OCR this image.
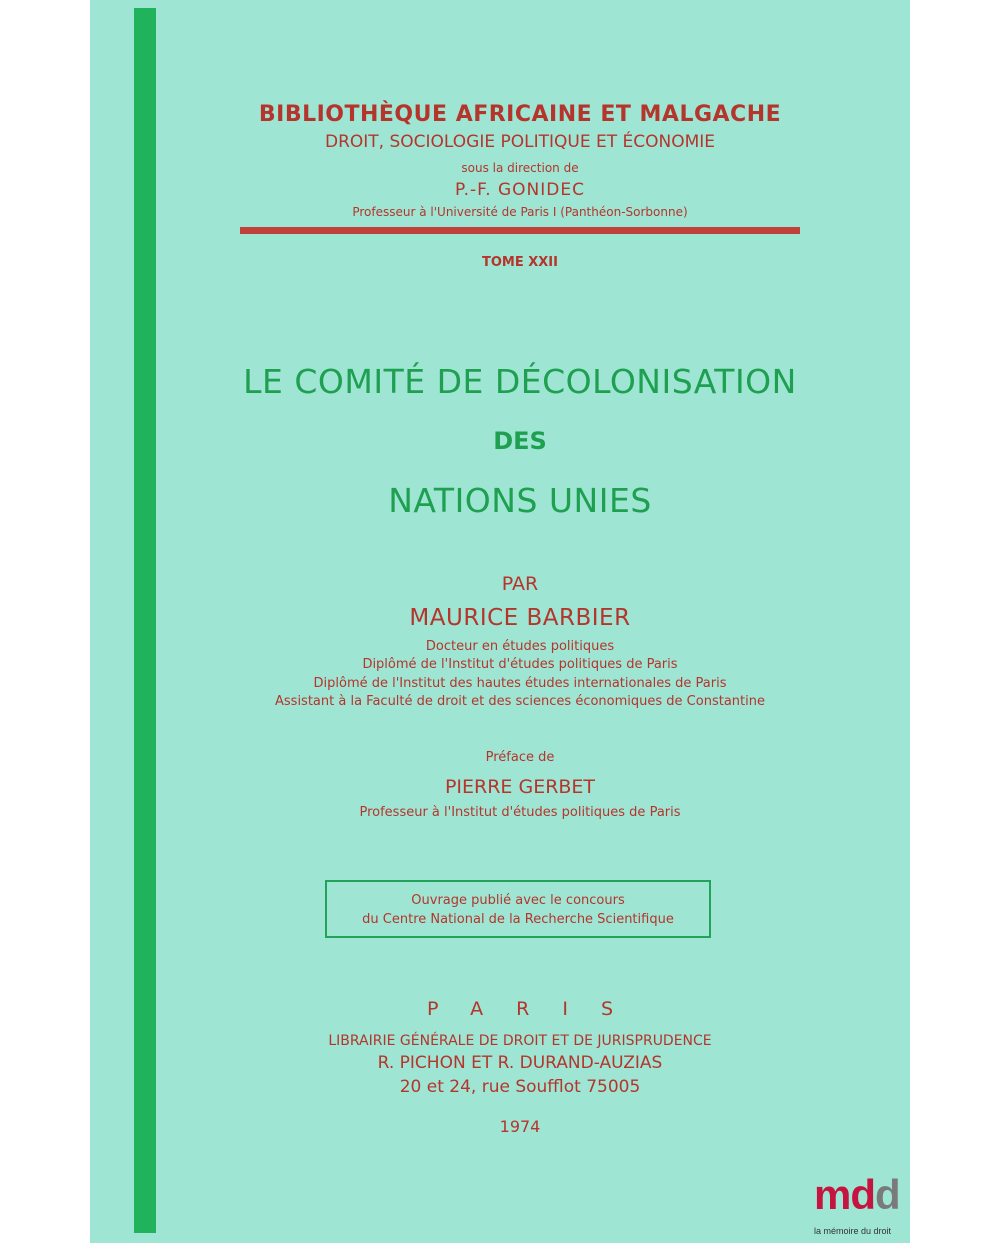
BIBLIOTHÈQUE AFRICAINE ET MALGACHE
DROIT, SOCIOLOGIE POLITIQUE ET ÉCONOMIE
sous la direction de
P.-F. GONIDEC
Professeur à l'Université de Paris I (Panthéon-Sorbonne)
TOME XXII
LE COMITÉ DE DÉCOLONISATION
DES
NATIONS UNIES
PAR
MAURICE BARBIER
Docteur en études politiques
Diplômé de l'Institut d'études politiques de Paris
Diplômé de l'Institut des hautes études internationales de Paris
Assistant à la Faculté de droit et des sciences économiques de Constantine
Préface de
PIERRE GERBET
Professeur à l'Institut d'études politiques de Paris
Ouvrage publié avec le concours
du Centre National de la Recherche Scientifique
PARIS
LIBRAIRIE GÉNÉRALE DE DROIT ET DE JURISPRUDENCE
R. PICHON ET R. DURAND-AUZIAS
20 et 24, rue Soufflot 75005
1974
mdd
la mémoire du droit
